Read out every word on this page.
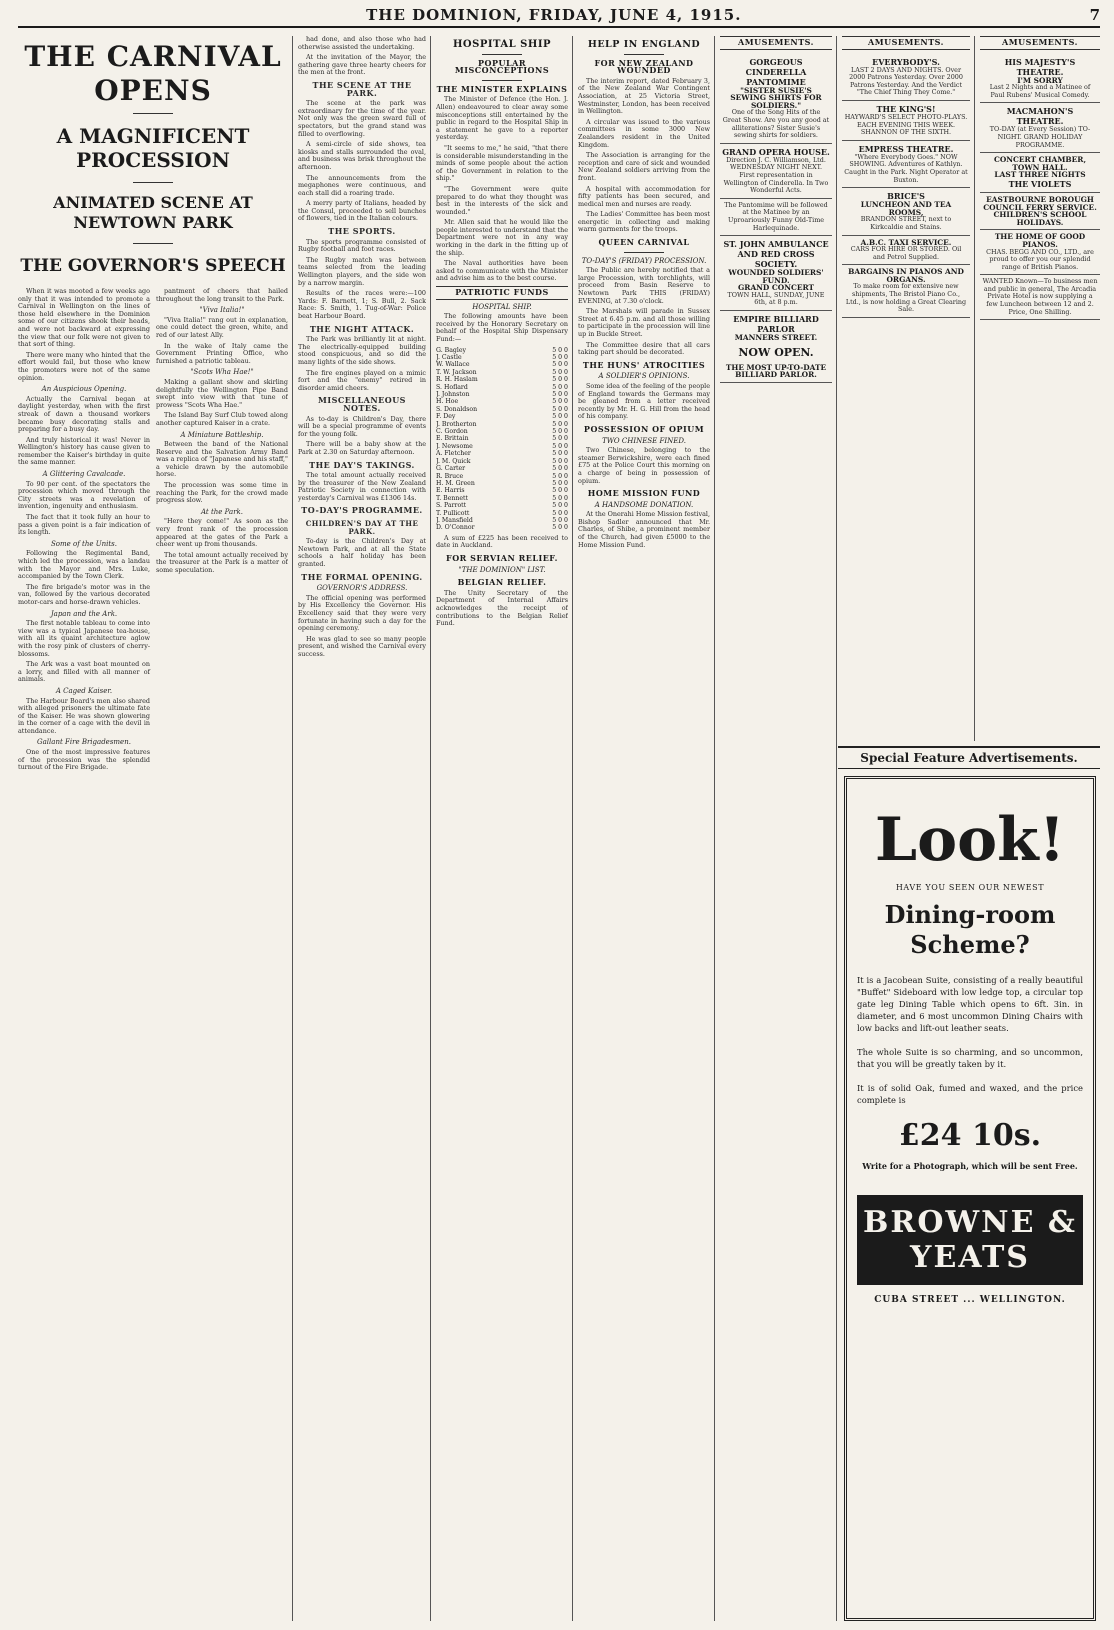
THE DOMINION, FRIDAY, JUNE 4, 1915.	7
THE CARNIVAL OPENS
A MAGNIFICENT PROCESSION
ANIMATED SCENE AT NEWTOWN PARK
THE GOVERNOR'S SPEECH

When it was mooted a few weeks ago only that it was intended to promote a Carnival in Wellington on the lines of those held elsewhere in the Dominion some of our citizens shook their heads, and were not backward at expressing the view that our folk were not given to that sort of thing.

There were many who hinted that the effort would fail, but those who knew the promoters were not of the same opinion.

An Auspicious Opening.

Actually the Carnival began at daylight yesterday, when with the first streak of dawn a thousand workers became busy decorating stalls and preparing for a busy day.

And truly historical it was! Never in Wellington's history has cause given to remember the Kaiser's birthday in quite the same manner.

A Glittering Cavalcade.

To 90 per cent. of the spectators the procession which moved through the City streets was a revelation of invention, ingenuity and enthusiasm.

The fact that it took fully an hour to pass a given point is a fair indication of its length.

Some of the Units.

Following the Regimental Band, which led the procession, was a landau with the Mayor and Mrs. Luke, accompanied by the Town Clerk.

The fire brigade's motor was in the van, followed by the various decorated motor-cars and horse-drawn vehicles.

Japan and the Ark.

The first notable tableau to come into view was a typical Japanese tea-house, with all its quaint architecture aglow with the rosy pink of clusters of cherry-blossoms.

The Ark was a vast boat mounted on a lorry, and filled with all manner of animals.

A Caged Kaiser.

The Harbour Board's men also shared with alleged prisoners the ultimate fate of the Kaiser. He was shown glowering in the corner of a cage with the devil in attendance.

Gallant Fire Brigadesmen.

One of the most impressive features of the procession was the splendid turnout of the Fire Brigade.

pantment of cheers that hailed throughout the long transit to the Park.

"Viva Italia!"

"Viva Italia!" rang out in explanation, one could detect the green, white, and red of our latest Ally.

In the wake of Italy came the Government Printing Office, who furnished a patriotic tableau.

"Scots Wha Hae!"

Making a gallant show and skirling delightfully the Wellington Pipe Band swept into view with that tune of prowess "Scots Wha Hae."

The Island Bay Surf Club towed along another captured Kaiser in a crate.

A Miniature Battleship.

Between the band of the National Reserve and the Salvation Army Band was a replica of "Japanese and his staff," a vehicle drawn by the automobile horse.

The procession was some time in reaching the Park, for the crowd made progress slow.

At the Park.

"Here they come!" As soon as the very front rank of the procession appeared at the gates of the Park a cheer went up from thousands.

The total amount actually received by the treasurer at the Park is a matter of some speculation.

had done, and also those who had otherwise assisted the undertaking.

At the invitation of the Mayor, the gathering gave three hearty cheers for the men at the front.

THE SCENE AT THE PARK.

The scene at the park was extraordinary for the time of the year. Not only was the green sward full of spectators, but the grand stand was filled to overflowing.

A semi-circle of side shows, tea kiosks and stalls surrounded the oval, and business was brisk throughout the afternoon.

The announcements from the megaphones were continuous, and each stall did a roaring trade.

A merry party of Italians, headed by the Consul, proceeded to sell bunches of flowers, tied in the Italian colours.

THE SPORTS.

The sports programme consisted of Rugby football and foot races.

The Rugby match was between teams selected from the leading Wellington players, and the side won by a narrow margin.

Results of the races were:—100 Yards: F. Barnett, 1; S. Bull, 2. Sack Race: S. Smith, 1. Tug-of-War: Police beat Harbour Board.

THE NIGHT ATTACK.

The Park was brilliantly lit at night. The electrically-equipped building stood conspicuous, and so did the many lights of the side shows.

The fire engines played on a mimic fort and the "enemy" retired in disorder amid cheers.

MISCELLANEOUS NOTES.

As to-day is Children's Day, there will be a special programme of events for the young folk.

There will be a baby show at the Park at 2.30 on Saturday afternoon.

THE DAY'S TAKINGS.

The total amount actually received by the treasurer of the New Zealand Patriotic Society in connection with yesterday's Carnival was £1306 14s.

TO-DAY'S PROGRAMME.
CHILDREN'S DAY AT THE PARK.

To-day is the Children's Day at Newtown Park, and at all the State schools a half holiday has been granted.

THE FORMAL OPENING.
GOVERNOR'S ADDRESS.

The official opening was performed by His Excellency the Governor. His Excellency said that they were very fortunate in having such a day for the opening ceremony.

He was glad to see so many people present, and wished the Carnival every success.

HOSPITAL SHIP
POPULAR MISCONCEPTIONS
THE MINISTER EXPLAINS

The Minister of Defence (the Hon. J. Allen) endeavoured to clear away some misconceptions still entertained by the public in regard to the Hospital Ship in a statement he gave to a reporter yesterday.

"It seems to me," he said, "that there is considerable misunderstanding in the minds of some people about the action of the Government in relation to the ship."

"The Government were quite prepared to do what they thought was best in the interests of the sick and wounded."

Mr. Allen said that he would like the people interested to understand that the Department were not in any way working in the dark in the fitting up of the ship.

The Naval authorities have been asked to communicate with the Minister and advise him as to the best course.

PATRIOTIC FUNDS
HOSPITAL SHIP.

The following amounts have been received by the Honorary Secretary on behalf of the Hospital Ship Dispensary Fund:—

G. Bagley	5 0 0
J. Castle	5 0 0
W. Wallace	5 0 0
T. W. Jackson	5 0 0
R. H. Haslam	5 0 0
S. Hoflard	5 0 0
J. Johnston	5 0 0
H. Hoe	5 0 0
S. Donaldson	5 0 0
F. Dey	5 0 0
J. Brotherton	5 0 0
C. Gordon	5 0 0
E. Brittain	5 0 0
J. Newsome	5 0 0
A. Fletcher	5 0 0
J. M. Quick	5 0 0
G. Carter	5 0 0
R. Bruce	5 0 0
H. M. Green	5 0 0
E. Harris	5 0 0
T. Bennett	5 0 0
S. Parrott	5 0 0
T. Pullicott	5 0 0
J. Mansfield	5 0 0
D. O'Connor	5 0 0

A sum of £225 has been received to date in Auckland.

FOR SERVIAN RELIEF.
"THE DOMINION" LIST.
BELGIAN RELIEF.

The Unity Secretary of the Department of Internal Affairs acknowledges the receipt of contributions to the Belgian Relief Fund.

HELP IN ENGLAND
FOR NEW ZEALAND WOUNDED

The interim report, dated February 3, of the New Zealand War Contingent Association, at 25 Victoria Street, Westminster, London, has been received in Wellington.

A circular was issued to the various committees in some 3000 New Zealanders resident in the United Kingdom.

The Association is arranging for the reception and care of sick and wounded New Zealand soldiers arriving from the front.

A hospital with accommodation for fifty patients has been secured, and medical men and nurses are ready.

The Ladies' Committee has been most energetic in collecting and making warm garments for the troops.

QUEEN CARNIVAL
TO-DAY'S (FRIDAY) PROCESSION.

The Public are hereby notified that a large Procession, with torchlights, will proceed from Basin Reserve to Newtown Park THIS (FRIDAY) EVENING, at 7.30 o'clock.

The Marshals will parade in Sussex Street at 6.45 p.m. and all those willing to participate in the procession will line up in Buckle Street.

The Committee desire that all cars taking part should be decorated.

THE HUNS' ATROCITIES
A SOLDIER'S OPINIONS.

Some idea of the feeling of the people of England towards the Germans may be gleaned from a letter received recently by Mr. H. G. Hill from the head of his company.

POSSESSION OF OPIUM
TWO CHINESE FINED.

Two Chinese, belonging to the steamer Berwickshire, were each fined £75 at the Police Court this morning on a charge of being in possession of opium.

HOME MISSION FUND
A HANDSOME DONATION.

At the Onerahi Home Mission festival, Bishop Sadler announced that Mr. Charles, of Shibe, a prominent member of the Church, had given £5000 to the Home Mission Fund.

AMUSEMENTS.
GORGEOUS CINDERELLA PANTOMIME
"SISTER SUSIE'S SEWING SHIRTS FOR SOLDIERS."
One of the Song Hits of the Great Show. Are you any good at alliterations? Sister Susie's sewing shirts for soldiers.
GRAND OPERA HOUSE.
Direction J. C. Williamson, Ltd. WEDNESDAY NIGHT NEXT. First representation in Wellington of Cinderella. In Two Wonderful Acts.
The Pantomime will be followed at the Matinee by an Uproariously Funny Old-Time Harlequinade.
ST. JOHN AMBULANCE AND RED CROSS SOCIETY.
WOUNDED SOLDIERS' FUND.
GRAND CONCERT
TOWN HALL, SUNDAY, JUNE 6th, at 8 p.m.
EMPIRE BILLIARD PARLOR
MANNERS STREET.
NOW OPEN.
THE MOST UP-TO-DATE BILLIARD PARLOR.
AMUSEMENTS.
EVERYBODY'S.
LAST 2 DAYS AND NIGHTS. Over 2000 Patrons Yesterday. Over 2000 Patrons Yesterday. And the Verdict "The Chief Thing They Come."
THE KING'S!
HAYWARD'S SELECT PHOTO-PLAYS. EACH EVENING THIS WEEK. SHANNON OF THE SIXTH.
EMPRESS THEATRE.
"Where Everybody Goes." NOW SHOWING. Adventures of Kathlyn. Caught in the Park. Night Operator at Buxton.
BRICE'S
LUNCHEON AND TEA ROOMS,
BRANDON STREET, next to Kirkcaldie and Stains.
A.B.C. TAXI SERVICE.
CARS FOR HIRE OR STORED. Oil and Petrol Supplied.
BARGAINS IN PIANOS AND ORGANS.
To make room for extensive new shipments, The Bristol Piano Co., Ltd., is now holding a Great Clearing Sale.
AMUSEMENTS.
HIS MAJESTY'S THEATRE.
I'M SORRY
Last 2 Nights and a Matinee of Paul Rubens' Musical Comedy.
MACMAHON'S THEATRE.
TO-DAY (at Every Session) TO-NIGHT. GRAND HOLIDAY PROGRAMME.
CONCERT CHAMBER, TOWN HALL.
LAST THREE NIGHTS
THE VIOLETS
EASTBOURNE BOROUGH COUNCIL FERRY SERVICE.
CHILDREN'S SCHOOL HOLIDAYS.
THE HOME OF GOOD PIANOS.
CHAS. BEGG AND CO., LTD., are proud to offer you our splendid range of British Pianos.
WANTED Known—To business men and public in general, The Arcadia Private Hotel is now supplying a few Luncheon between 12 and 2. Price, One Shilling.
Special Feature Advertisements.
Look!
HAVE YOU SEEN OUR NEWEST
Dining-room Scheme?
It is a Jacobean Suite, consisting of a really beautiful "Buffet" Sideboard with low ledge top, a circular top gate leg Dining Table which opens to 6ft. 3in. in diameter, and 6 most uncommon Dining Chairs with low backs and lift-out leather seats.
The whole Suite is so charming, and so uncommon, that you will be greatly taken by it.
It is of solid Oak, fumed and waxed, and the price complete is
£24 10s.
Write for a Photograph, which will be sent Free.
BROWNE & YEATS
CUBA STREET ... WELLINGTON.
